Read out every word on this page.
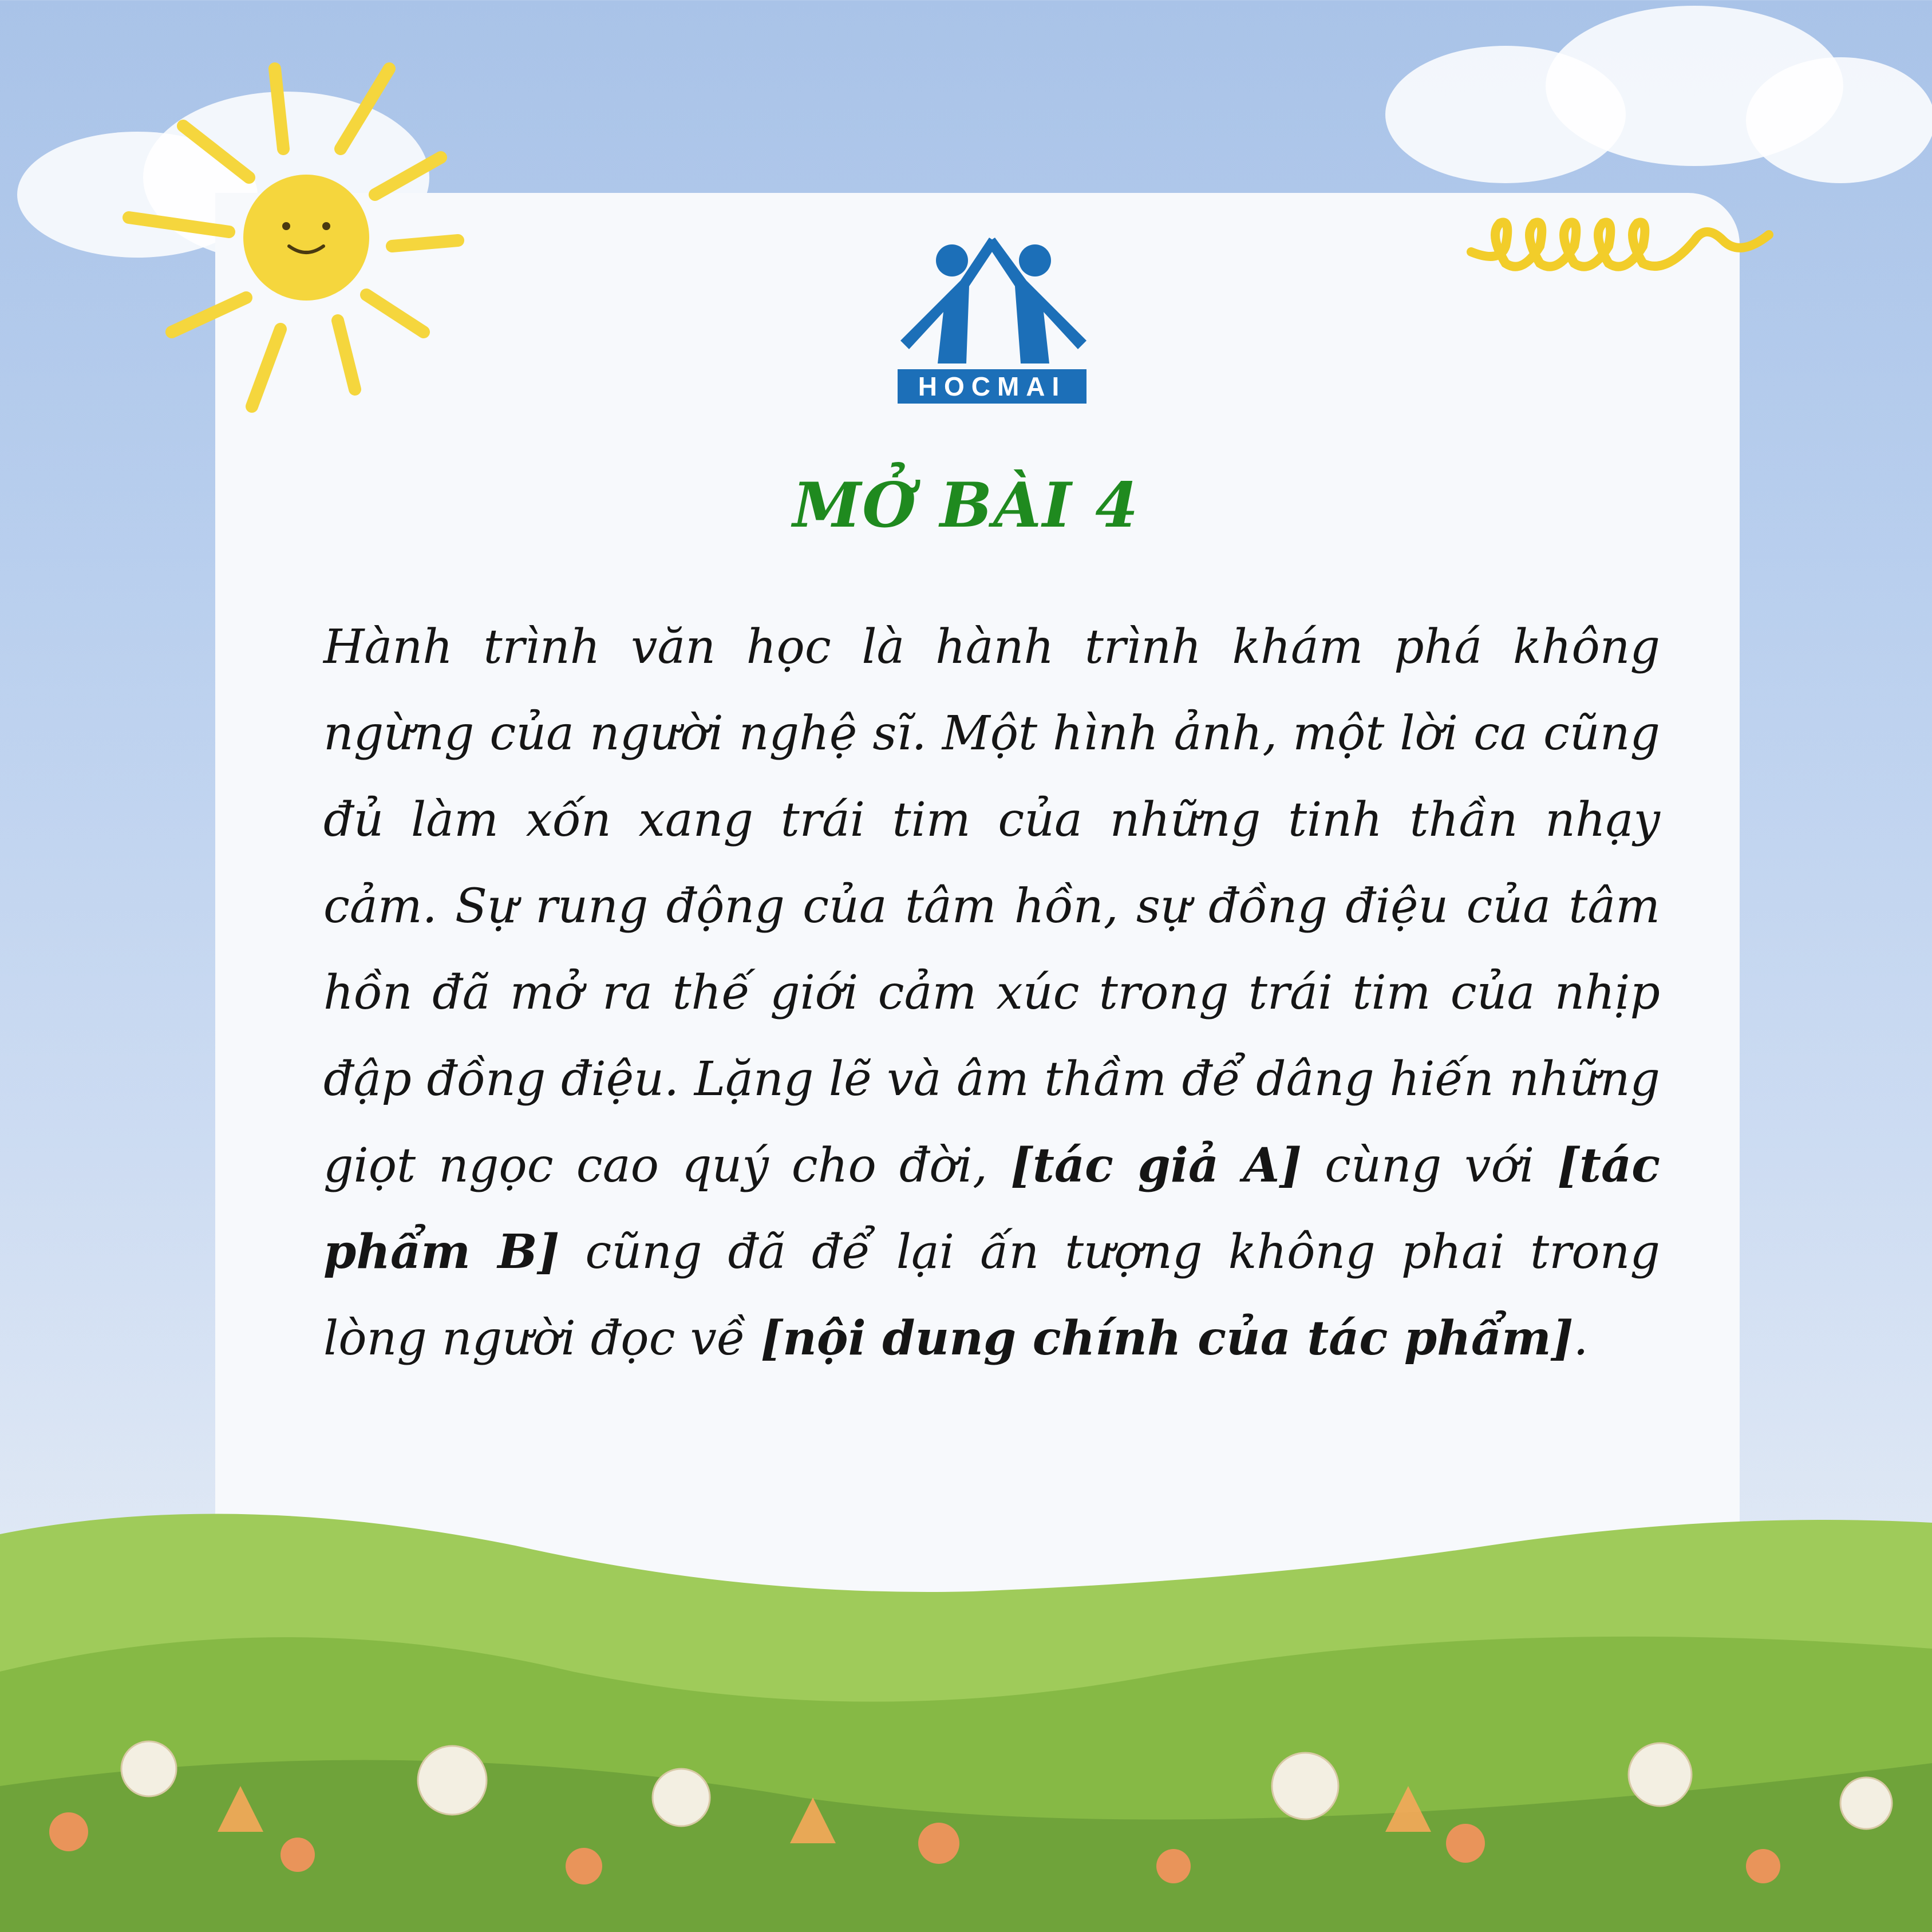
HOCMAI
MỞ BÀI 4
Hành trình văn học là hành trình khám phá không ngừng của người nghệ sĩ. Một hình ảnh, một lời ca cũng đủ làm xốn xang trái tim của những tinh thần nhạy cảm. Sự rung động của tâm hồn, sự đồng điệu của tâm hồn đã mở ra thế giới cảm xúc trong trái tim của nhịp đập đồng điệu. Lặng lẽ và âm thầm để dâng hiến những giọt ngọc cao quý cho đời, [tác giả A] cùng với [tác phẩm B] cũng đã để lại ấn tượng không phai trong lòng người đọc về [nội dung chính của tác phẩm].
